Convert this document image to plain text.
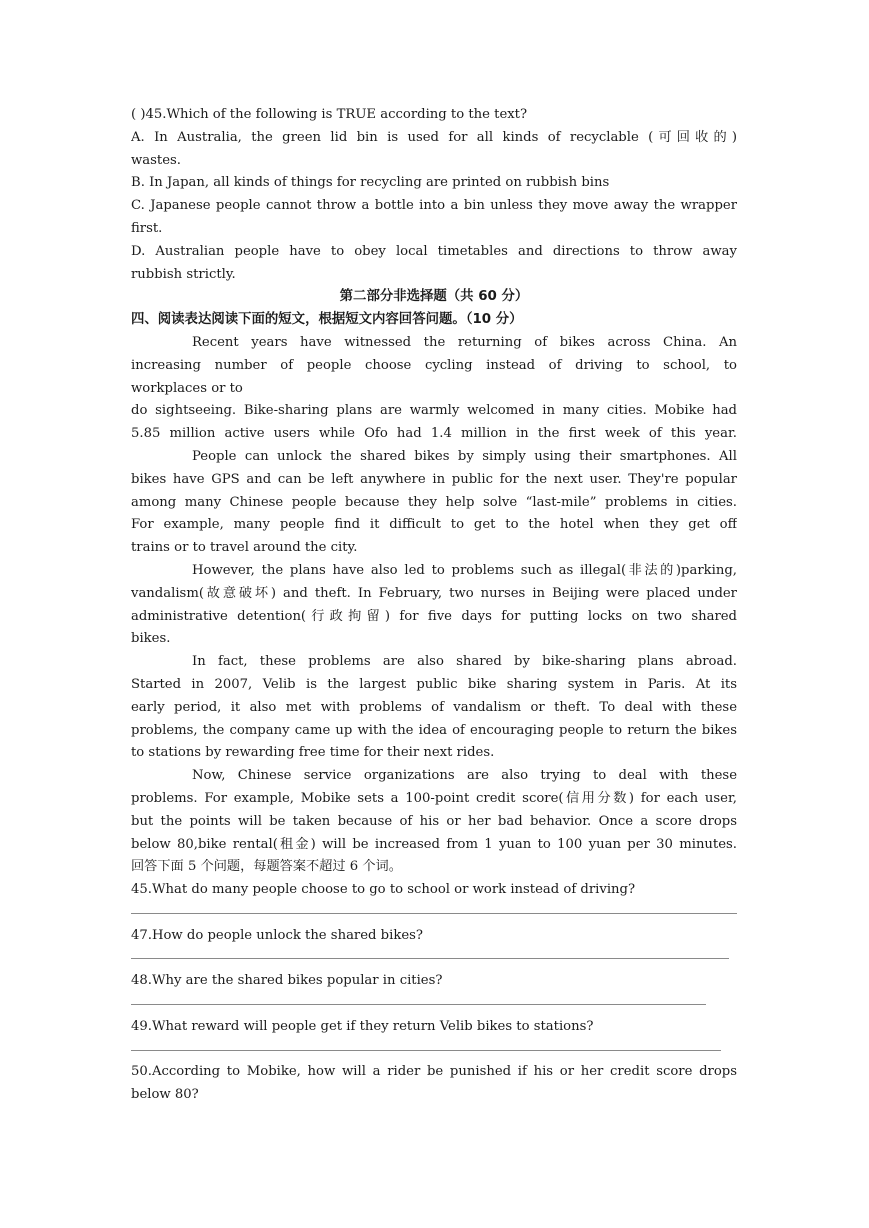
( )45.Which of the following is TRUE according to the text?
A. In Australia, the green lid bin is used for all kinds of recyclable (可回收的)
wastes.
B. In Japan, all kinds of things for recycling are printed on rubbish bins
C. Japanese people cannot throw a bottle into a bin unless they move away the wrapper
first.
D. Australian people have to obey local timetables and directions to throw away
rubbish strictly.
第二部分非选择题（共 60 分）
四、阅读表达阅读下面的短文，根据短文内容回答问题。（10 分）
Recent years have witnessed the returning of bikes across China. An
increasing number of people choose cycling instead of driving to school, to
workplaces or to
do sightseeing. Bike-sharing plans are warmly welcomed in many cities. Mobike had
5.85 million active users while Ofo had 1.4 million in the first week of this year.
People can unlock the shared bikes by simply using their smartphones. All
bikes have GPS and can be left anywhere in public for the next user. They're popular
among many Chinese people because they help solve “last-mile” problems in cities.
For example, many people find it difficult to get to the hotel when they get off
trains or to travel around the city.
However, the plans have also led to problems such as illegal(非法的)parking,
vandalism(故意破坏) and theft. In February, two nurses in Beijing were placed under
administrative detention(行政拘留) for five days for putting locks on two shared
bikes.
In fact, these problems are also shared by bike-sharing plans abroad.
Started in 2007, Velib is the largest public bike sharing system in Paris. At its
early period, it also met with problems of vandalism or theft. To deal with these
problems, the company came up with the idea of encouraging people to return the bikes
to stations by rewarding free time for their next rides.
Now, Chinese service organizations are also trying to deal with these
problems. For example, Mobike sets a 100-point credit score(信用分数) for each user,
but the points will be taken because of his or her bad behavior. Once a score drops
below 80,bike rental(租金) will be increased from 1 yuan to 100 yuan per 30 minutes.
回答下面 5 个问题，每题答案不超过 6 个词。
45.What do many people choose to go to school or work instead of driving?
47.How do people unlock the shared bikes?
48.Why are the shared bikes popular in cities?
49.What reward will people get if they return Velib bikes to stations?
50.According to Mobike, how will a rider be punished if his or her credit score drops
below 80?
